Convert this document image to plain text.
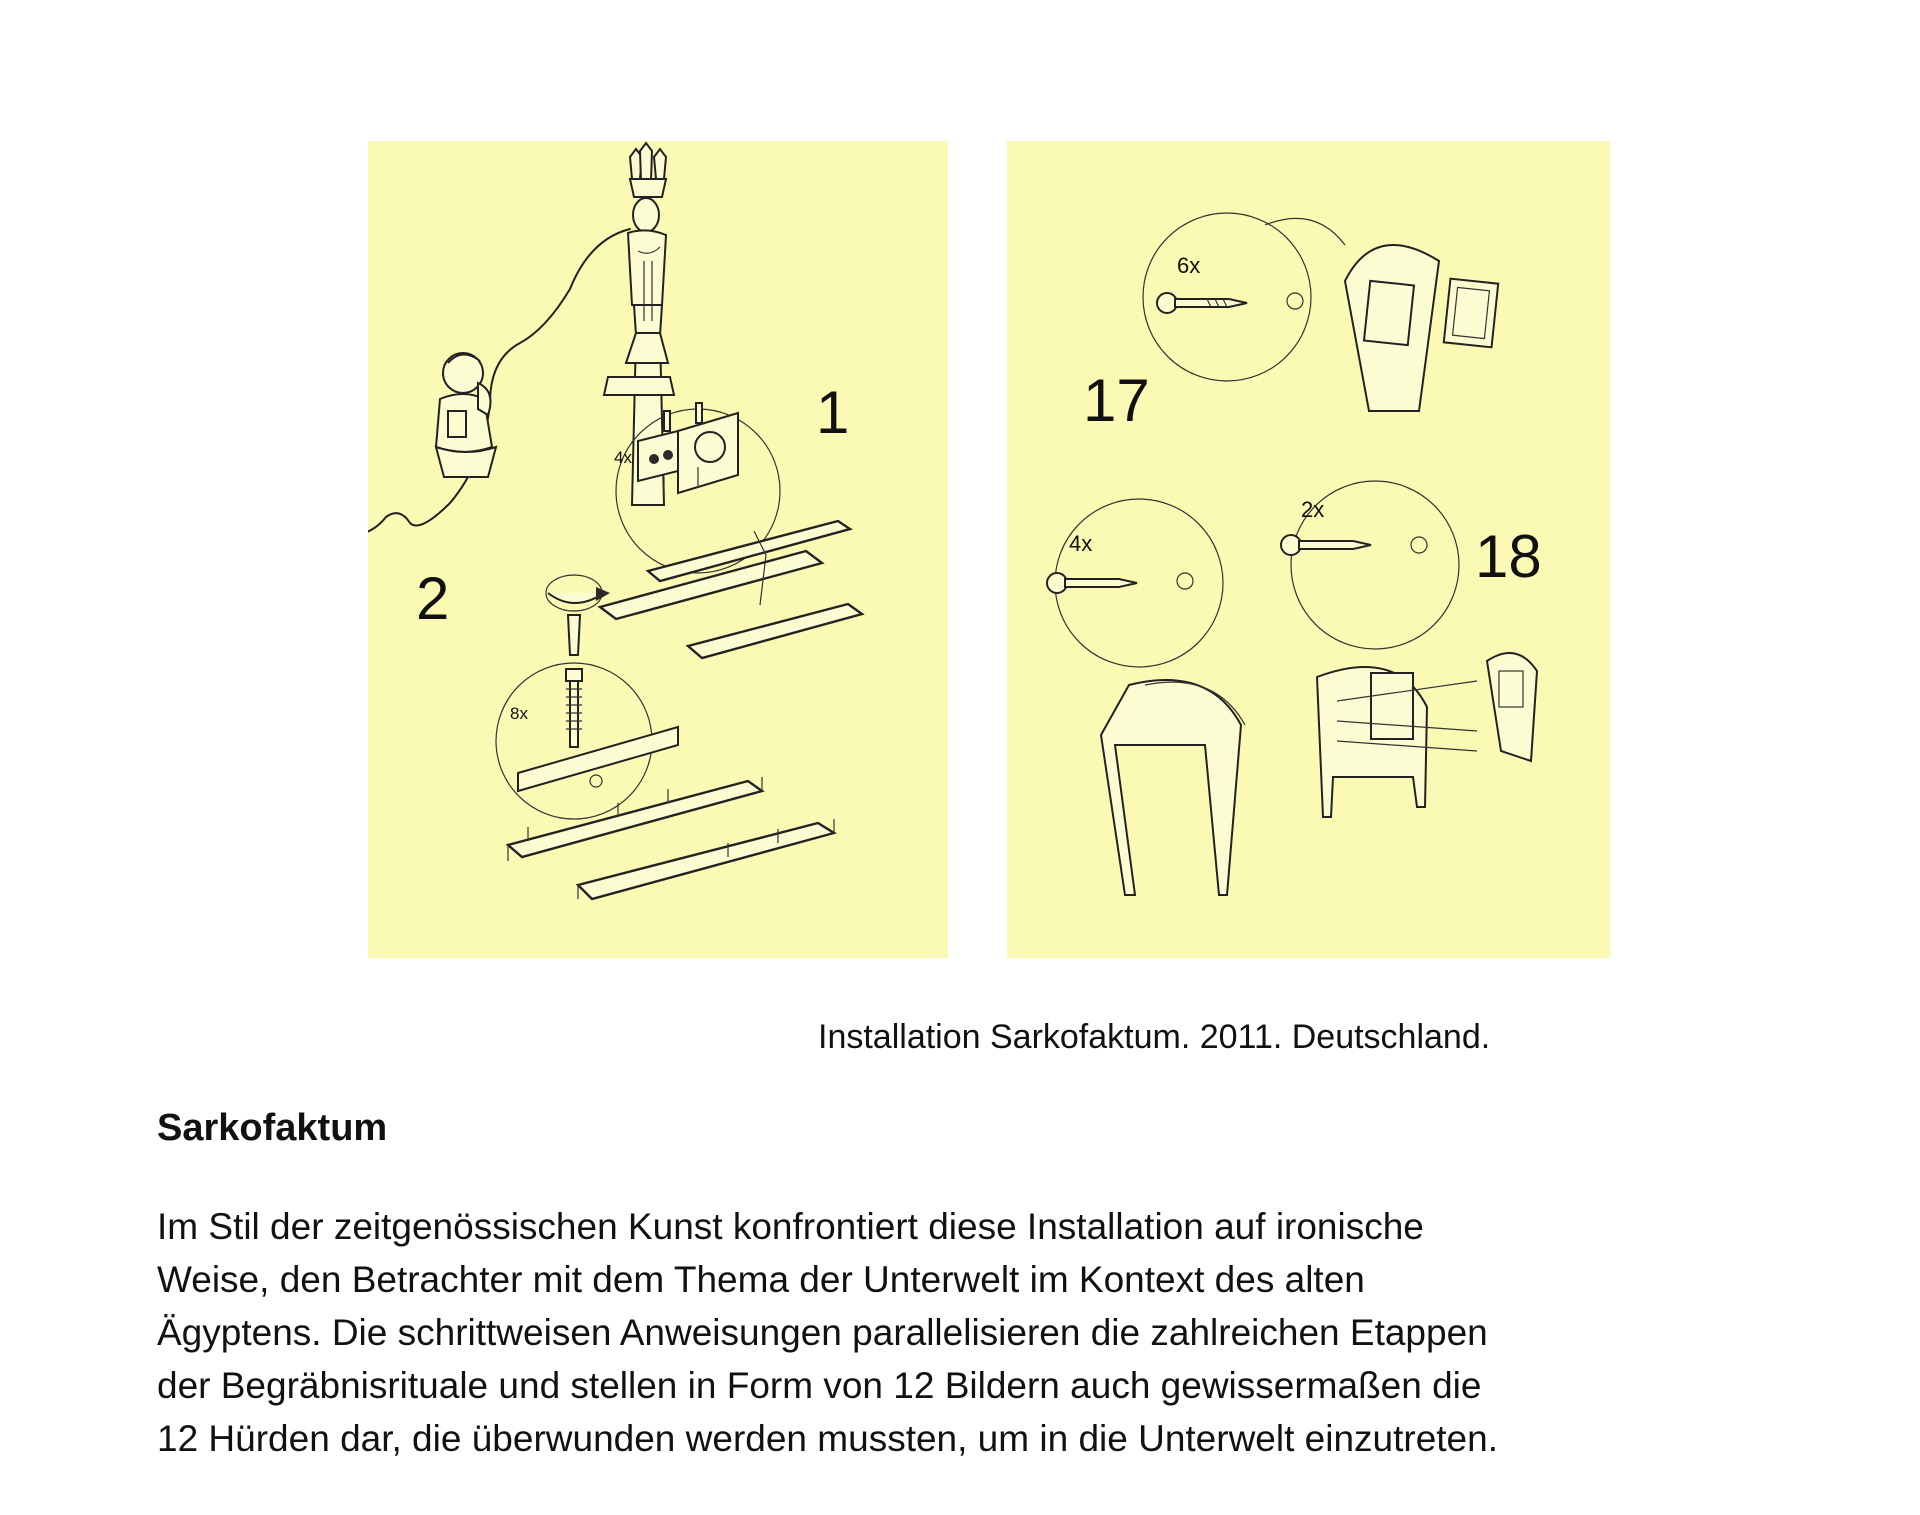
1
2
4x
8x
17
18
6x
4x
2x
Installation Sarkofaktum. 2011. Deutschland.
Sarkofaktum
Im Stil der zeitgenössischen Kunst konfrontiert diese Installation auf ironische
Weise, den Betrachter mit dem Thema der Unterwelt im Kontext des alten
Ägyptens. Die schrittweisen Anweisungen parallelisieren die zahlreichen Etappen
der Begräbnisrituale und stellen in Form von 12 Bildern auch gewissermaßen die
12 Hürden dar, die überwunden werden mussten, um in die Unterwelt einzutreten.
